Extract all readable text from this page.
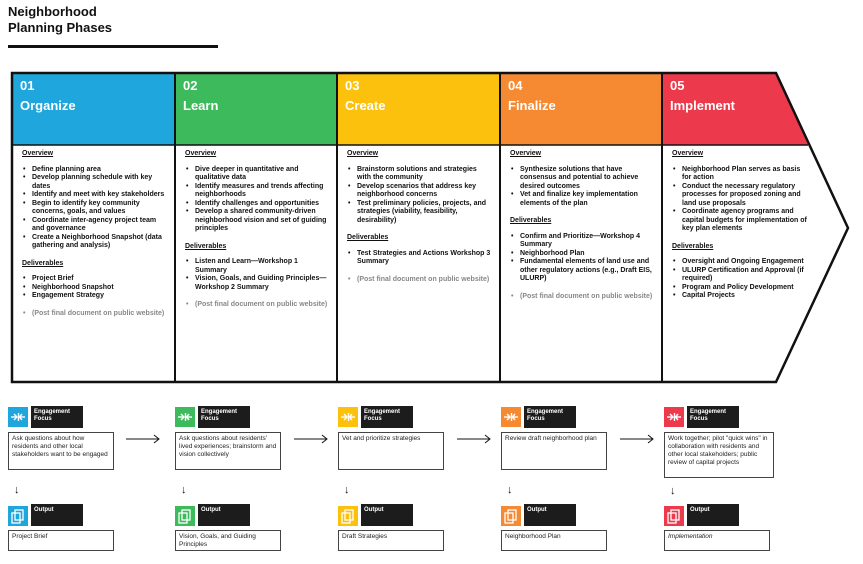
Neighborhood
Planning Phases
01
Organize
02
Learn
03
Create
04
Finalize
05
Implement
Overview
• Define planning area
• Develop planning schedule with key dates
• Identify and meet with key stakeholders
• Begin to identify key community concerns, goals, and values
• Coordinate inter-agency project team and governance
• Create a Neighborhood Snapshot (data gathering and analysis)
Deliverables
• Project Brief
• Neighborhood Snapshot
• Engagement Strategy
• (Post final document on public website)
Overview
• Dive deeper in quantitative and qualitative data
• Identify measures and trends affecting neighborhoods
• Identify challenges and opportunities
• Develop a shared community-driven neighborhood vision and set of guiding principles
Deliverables
• Listen and Learn—Workshop 1 Summary
• Vision, Goals, and Guiding Principles—Workshop 2 Summary
• (Post final document on public website)
Overview
• Brainstorm solutions and strategies with the community
• Develop scenarios that address key neighborhood concerns
• Test preliminary policies, projects, and strategies (viability, feasibility, desirability)
Deliverables
• Test Strategies and Actions Workshop 3 Summary
• (Post final document on public website)
Overview
• Synthesize solutions that have consensus and potential to achieve desired outcomes
• Vet and finalize key implementation elements of the plan
Deliverables
• Confirm and Prioritize—Workshop 4 Summary
• Neighborhood Plan
• Fundamental elements of land use and other regulatory actions (e.g., Draft EIS, ULURP)
• (Post final document on public website)
Overview
• Neighborhood Plan serves as basis for action
• Conduct the necessary regulatory processes for proposed zoning and land use proposals
• Coordinate agency programs and capital budgets for implementation of key plan elements
Deliverables
• Oversight and Ongoing Engagement
• ULURP Certification and Approval (if required)
• Program and Policy Development
• Capital Projects
Engagement Focus
Ask questions about how residents and other local stakeholders want to be engaged
↓
Output
Project Brief
Engagement Focus
Ask questions about residents' lived experiences; brainstorm and vision collectively
↓
Output
Vision, Goals, and Guiding Principles
Engagement Focus
Vet and prioritize strategies
↓
Output
Draft Strategies
Engagement Focus
Review draft neighborhood plan
↓
Output
Neighborhood Plan
Engagement Focus
Work together; pilot "quick wins" in collaboration with residents and other local stakeholders; public review of capital projects
↓
Output
Implementation
